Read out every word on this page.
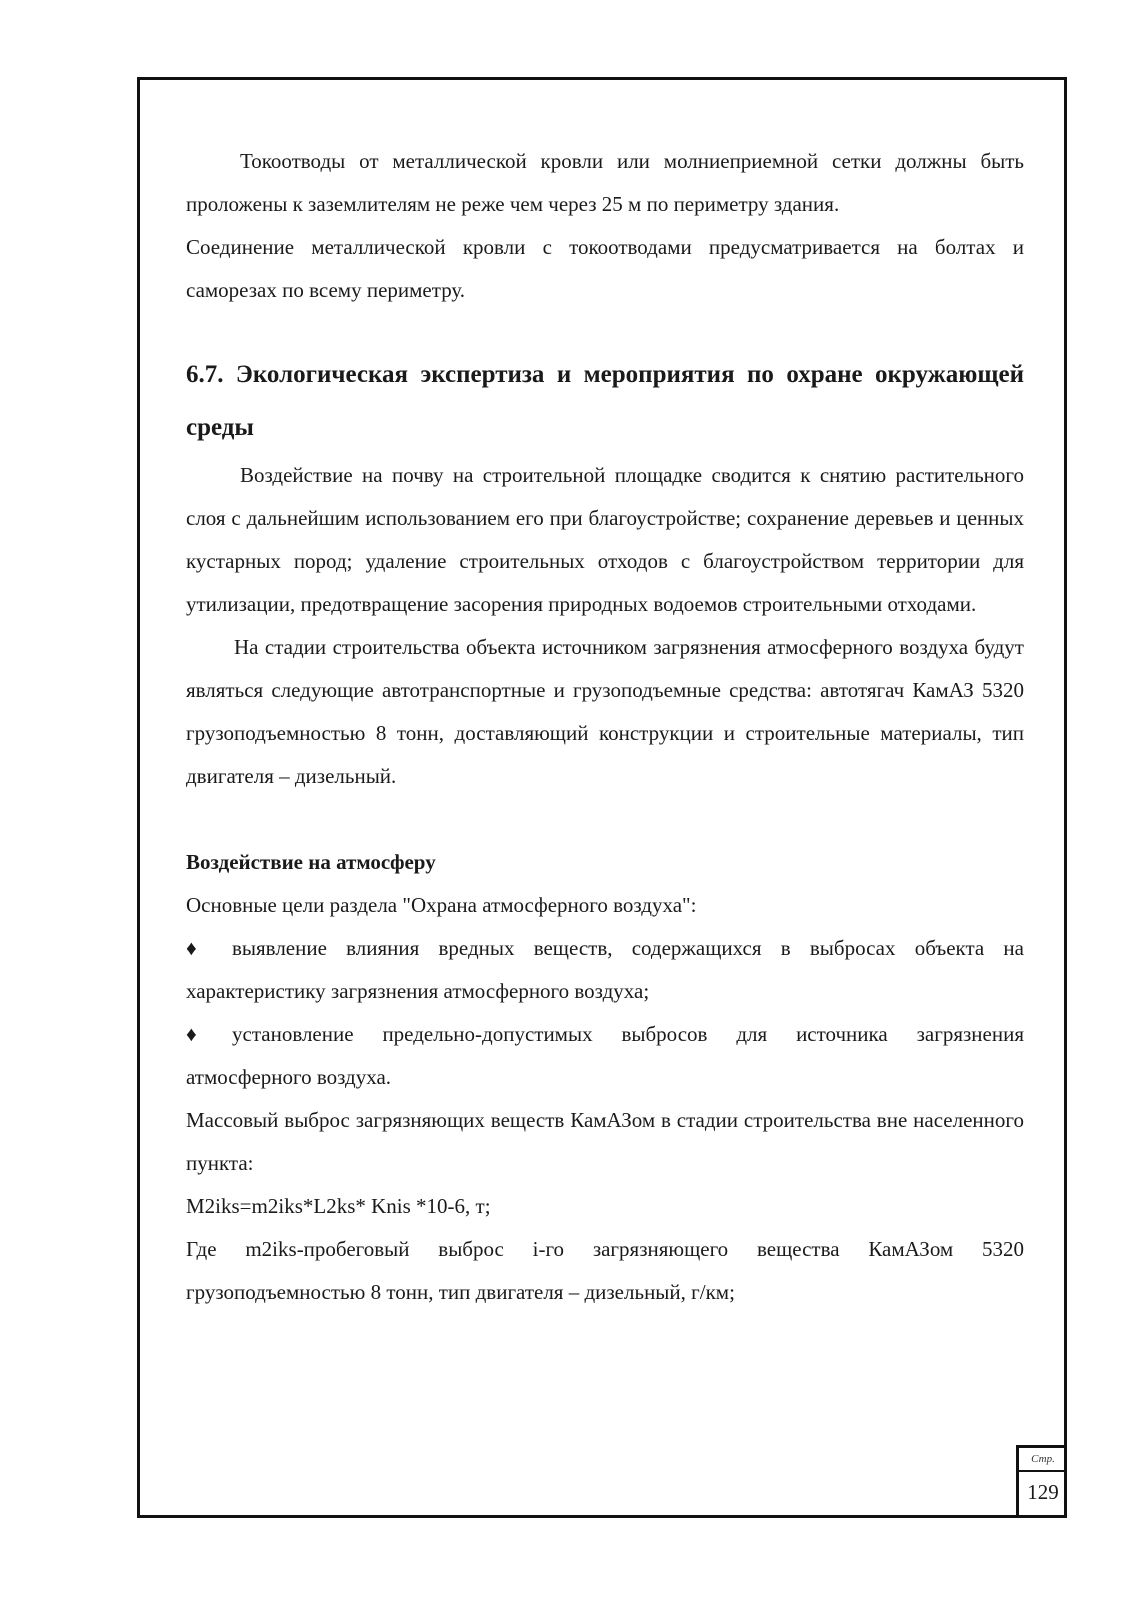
Токоотводы от металлической кровли или молниеприемной сетки должны быть проложены к заземлителям не реже чем через 25 м по периметру здания.

Соединение металлической кровли с токоотводами предусматривается на болтах и саморезах по всему периметру.

6.7. Экологическая экспертиза и мероприятия по охране окружающей среды

Воздействие на почву на строительной площадке сводится к снятию растительного слоя с дальнейшим использованием его при благоустройстве; сохранение деревьев и ценных кустарных пород; удаление строительных отходов с благоустройством территории для утилизации, предотвращение засорения природных водоемов строительными отходами.

На стадии строительства объекта источником загрязнения атмосферного воздуха будут являться следующие автотранспортные и грузоподъемные средства: автотягач КамАЗ 5320 грузоподъемностью 8 тонн, доставляющий конструкции и строительные материалы, тип двигателя – дизельный.

Воздействие на атмосферу

Основные цели раздела "Охрана атмосферного воздуха":

♦ выявление влияния вредных веществ, содержащихся в выбросах объекта на характеристику загрязнения атмосферного воздуха;

♦ установление предельно-допустимых выбросов для источника загрязнения атмосферного воздуха.

Массовый выброс загрязняющих веществ КамАЗом в стадии строительства вне населенного пункта:

M2iks=m2iks*L2ks* Knis *10-6, т;

Где m2iks-пробеговый выброс i-го загрязняющего вещества КамАЗом 5320 грузоподъемностью 8 тонн, тип двигателя – дизельный, г/км;

Стр.
129
